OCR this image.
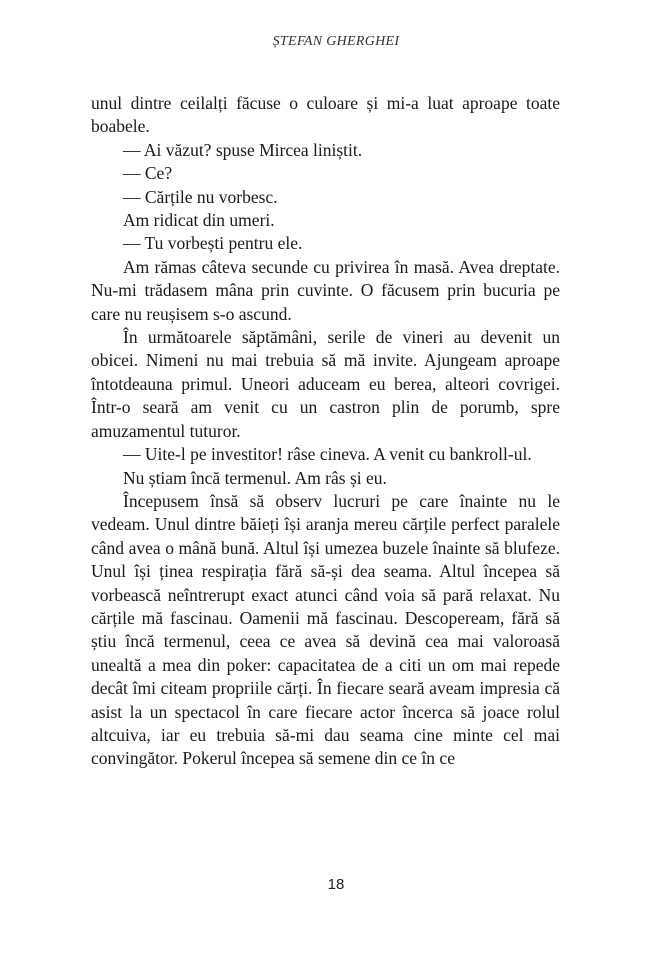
ȘTEFAN GHERGHEI

unul dintre ceilalți făcuse o culoare și mi-a luat aproape toate boabele.

— Ai văzut? spuse Mircea liniștit.

— Ce?

— Cărțile nu vorbesc.

Am ridicat din umeri.

— Tu vorbești pentru ele.

Am rămas câteva secunde cu privirea în masă. Avea dreptate. Nu-mi trădasem mâna prin cuvinte. O făcusem prin bucuria pe care nu reușisem s-o ascund.

În următoarele săptămâni, serile de vineri au devenit un obicei. Nimeni nu mai trebuia să mă invite. Ajungeam aproape întotdeauna primul. Uneori aduceam eu berea, alteori covrigei. Într-o seară am venit cu un castron plin de porumb, spre amuzamentul tuturor.

— Uite-l pe investitor! râse cineva. A venit cu bankroll-ul.

Nu știam încă termenul. Am râs și eu.

Începusem însă să observ lucruri pe care înainte nu le vedeam. Unul dintre băieți își aranja mereu cărțile perfect paralele când avea o mână bună. Altul își umezea buzele înainte să blufeze. Unul își ținea respirația fără să-și dea seama. Altul începea să vorbească neîntrerupt exact atunci când voia să pară relaxat. Nu cărțile mă fascinau. Oamenii mă fascinau. Descopeream, fără să știu încă termenul, ceea ce avea să devină cea mai valoroasă unealtă a mea din poker: capacitatea de a citi un om mai repede decât îmi citeam propriile cărți. În fiecare seară aveam impresia că asist la un spectacol în care fiecare actor încerca să joace rolul altcuiva, iar eu trebuia să-mi dau seama cine minte cel mai convingător. Pokerul începea să semene din ce în ce

18
